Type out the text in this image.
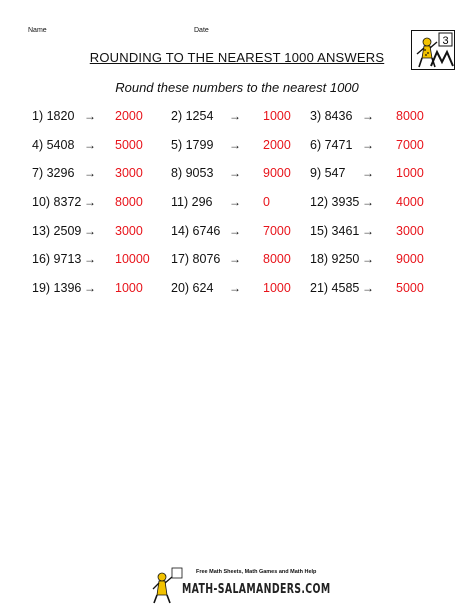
Name	Date
ROUNDING TO THE NEAREST 1000 ANSWERS
Round these numbers to the nearest 1000
3
1) 1820 → 2000 2) 1254 → 1000 3) 8436 → 8000
4) 5408 → 5000 5) 1799 → 2000 6) 7471 → 7000
7) 3296 → 3000 8) 9053 → 9000 9) 547 → 1000
10) 8372 → 8000 11) 296 → 0	12) 3935 → 4000
13) 2509 → 3000 14) 6746 → 7000 15) 3461 → 3000
16) 9713 → 10000 17) 8076 → 8000 18) 9250 → 9000
19) 1396 → 1000 20) 624 → 1000 21) 4585 → 5000
Free Math Sheets, Math Games and Math Help
MATH-SALAMANDERS.COM
